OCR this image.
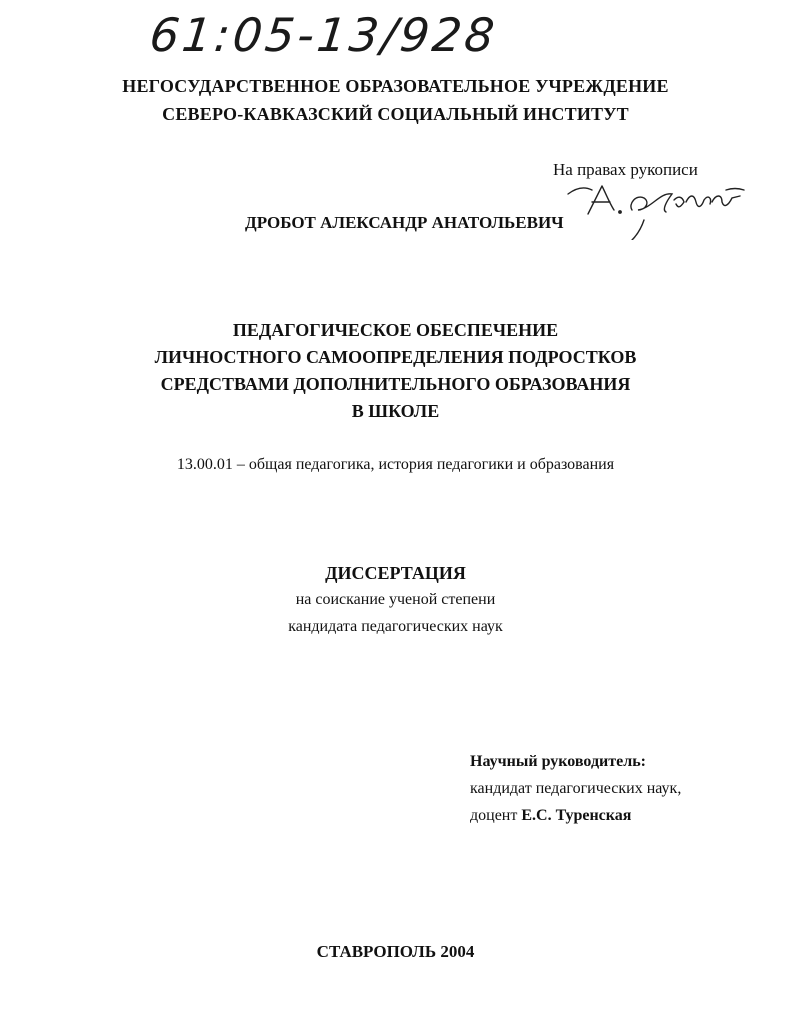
61:05-13/928
НЕГОСУДАРСТВЕННОЕ ОБРАЗОВАТЕЛЬНОЕ УЧРЕЖДЕНИЕ
СЕВЕРО-КАВКАЗСКИЙ СОЦИАЛЬНЫЙ ИНСТИТУТ
На правах рукописи
ДРОБОТ АЛЕКСАНДР АНАТОЛЬЕВИЧ
ПЕДАГОГИЧЕСКОЕ ОБЕСПЕЧЕНИЕ
ЛИЧНОСТНОГО САМООПРЕДЕЛЕНИЯ ПОДРОСТКОВ
СРЕДСТВАМИ ДОПОЛНИТЕЛЬНОГО ОБРАЗОВАНИЯ
В ШКОЛЕ
13.00.01 – общая педагогика, история педагогики и образования
ДИССЕРТАЦИЯ
на соискание ученой степени
кандидата педагогических наук
Научный руководитель:
кандидат педагогических наук,
доцент Е.С. Туренская
СТАВРОПОЛЬ 2004
